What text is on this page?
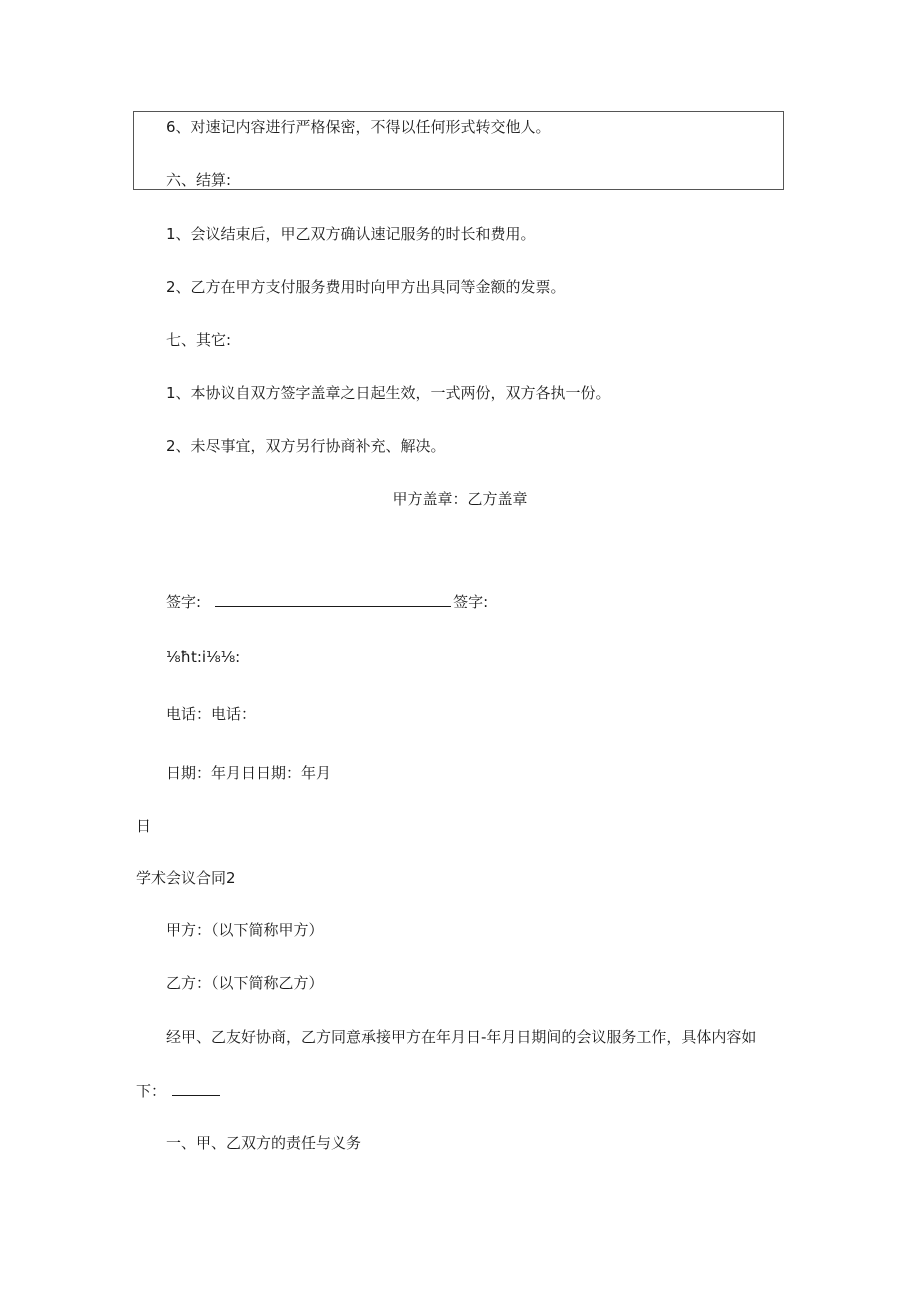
6、对速记内容进行严格保密，不得以任何形式转交他人。
六、结算:
1、会议结束后，甲乙双方确认速记服务的时长和费用。
2、乙方在甲方支付服务费用时向甲方出具同等金额的发票。
七、其它:
1、本协议自双方签字盖章之日起生效，一式两份，双方各执一份。
2、未尽事宜，双方另行协商补充、解决。
甲方盖章：乙方盖章
签字:	签字:
⅛ħt:i⅛⅛:
电话：电话：
日期：年月日日期：年月
日
学术会议合同2
甲方：（以下简称甲方）
乙方：（以下简称乙方）
经甲、乙友好协商，乙方同意承接甲方在年月日-年月日期间的会议服务工作，具体内容如
下：
一、甲、乙双方的责任与义务
